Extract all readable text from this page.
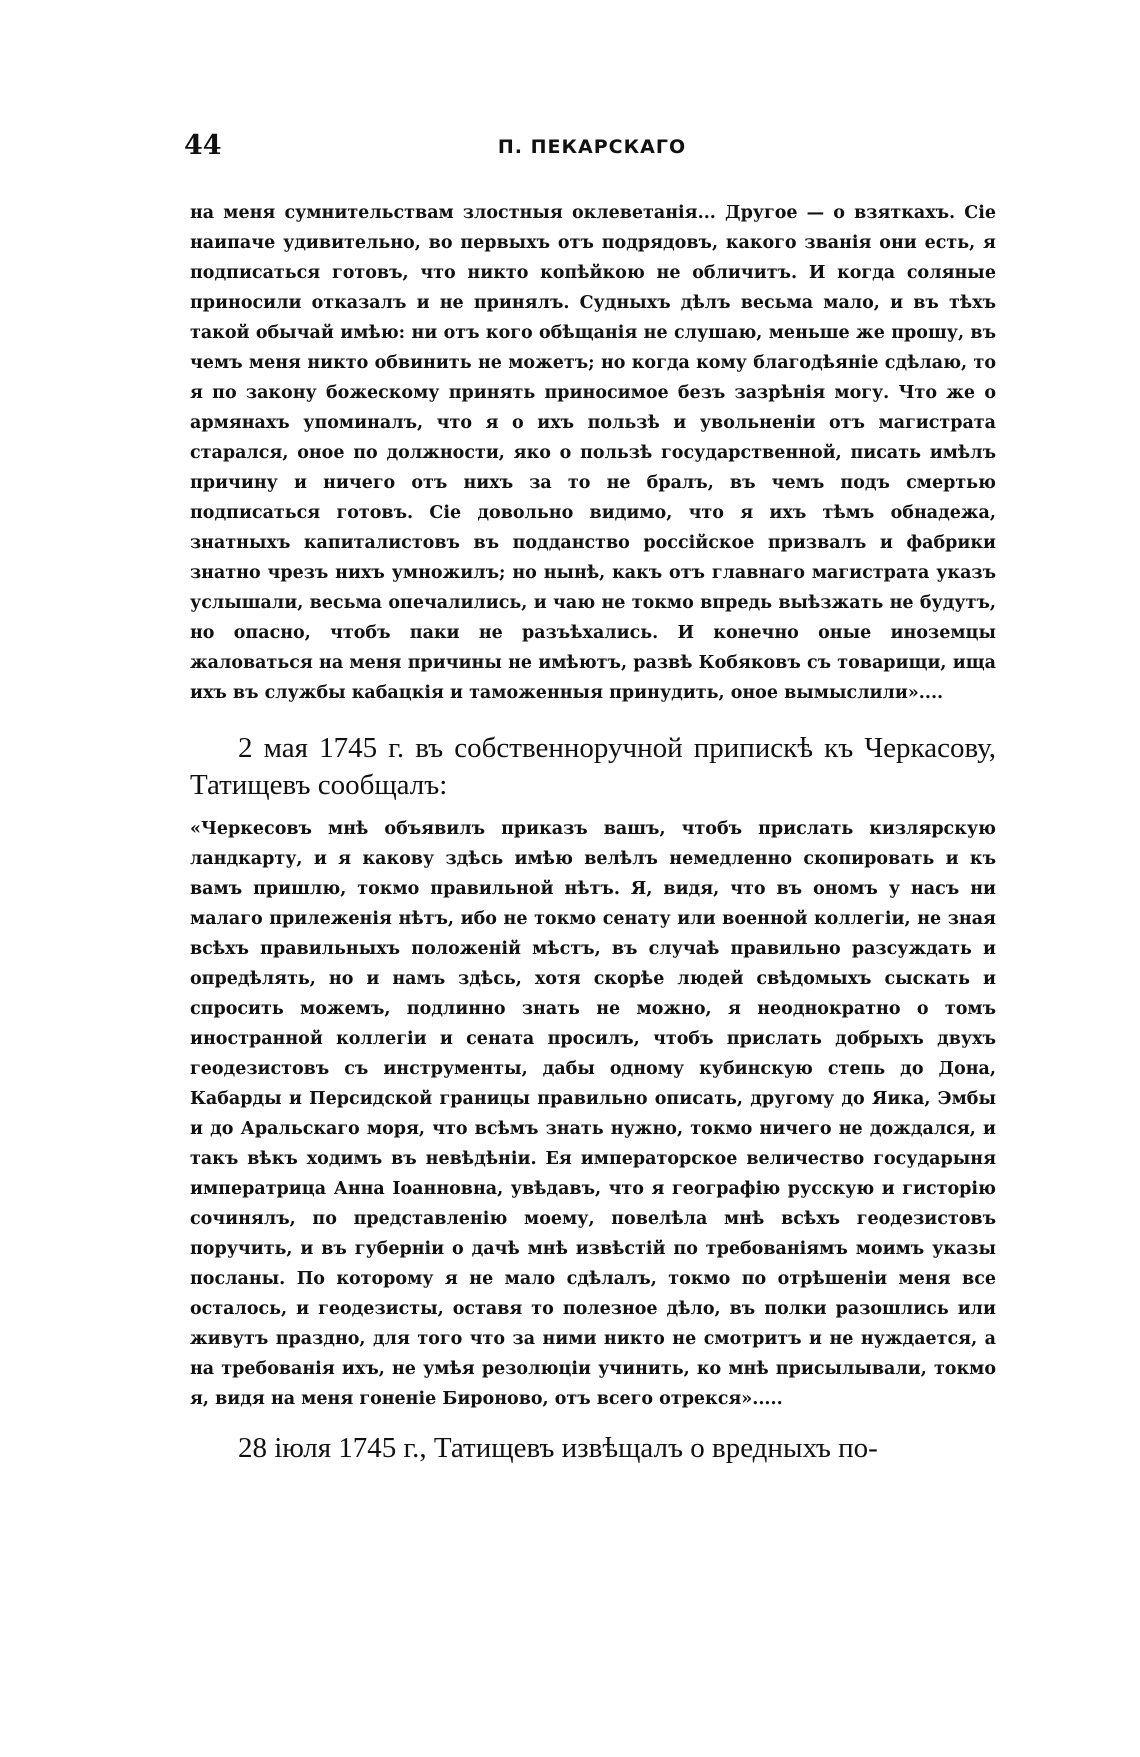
44	П. ПЕКАРСКАГО

на меня сумнительствам злостныя оклеветанія... Другое — о взяткахъ. Сіе наипаче удивительно, во первыхъ отъ подрядовъ, какого званія они есть, я подписаться готовъ, что никто копѣйкою не обличитъ. И когда соляные приносили отказалъ и не принялъ. Судныхъ дѣлъ весьма мало, и въ тѣхъ такой обычай имѣю: ни отъ кого обѣщанія не слушаю, меньше же прошу, въ чемъ меня никто обвинить не можетъ; но когда кому благодѣяніе сдѣлаю, то я по закону божескому принять приносимое безъ зазрѣнія могу. Что же о армянахъ упоминалъ, что я о ихъ пользѣ и увольненіи отъ магистрата старался, оное по должности, яко о пользѣ государственной, писать имѣлъ причину и ничего отъ нихъ за то не бралъ, въ чемъ подъ смертью подписаться готовъ. Сіе довольно видимо, что я ихъ тѣмъ обнадежа, знатныхъ капиталистовъ въ подданство россійское призвалъ и фабрики знатно чрезъ нихъ умножилъ; но нынѣ, какъ отъ главнаго магистрата указъ услышали, весьма опечалились, и чаю не токмо впредь выѣзжать не будутъ, но опасно, чтобъ паки не разъѣхались. И конечно оные иноземцы жаловаться на меня причины не имѣютъ, развѣ Кобяковъ съ товарищи, ища ихъ въ службы кабацкія и таможенныя принудить, оное вымыслили»....

2 мая 1745 г. въ собственноручной припискѣ къ Черкасову, Татищевъ сообщалъ:

«Черкесовъ мнѣ объявилъ приказъ вашъ, чтобъ прислать кизлярскую ландкарту, и я какову здѣсь имѣю велѣлъ немедленно скопировать и къ вамъ пришлю, токмо правильной нѣтъ. Я, видя, что въ ономъ у насъ ни малаго прилеженія нѣтъ, ибо не токмо сенату или военной коллегіи, не зная всѣхъ правильныхъ положеній мѣстъ, въ случаѣ правильно разсуждать и опредѣлять, но и намъ здѣсь, хотя скорѣе людей свѣдомыхъ сыскать и спросить можемъ, подлинно знать не можно, я неоднократно о томъ иностранной коллегіи и сената просилъ, чтобъ прислать добрыхъ двухъ геодезистовъ съ инструменты, дабы одному кубинскую степь до Дона, Кабарды и Персидской границы правильно описать, другому до Яика, Эмбы и до Аральскаго моря, что всѣмъ знать нужно, токмо ничего не дождался, и такъ вѣкъ ходимъ въ невѣдѣніи. Ея императорское величество государыня императрица Анна Іоанновна, увѣдавъ, что я географію русскую и гисторію сочинялъ, по представленію моему, повелѣла мнѣ всѣхъ геодезистовъ поручить, и въ губерніи о дачѣ мнѣ извѣстій по требованіямъ моимъ указы посланы. По которому я не мало сдѣлалъ, токмо по отрѣшеніи меня все осталось, и геодезисты, оставя то полезное дѣло, въ полки разошлись или живутъ праздно, для того что за ними никто не смотритъ и не нуждается, а на требованія ихъ, не умѣя резолюціи учинить, ко мнѣ присылывали, токмо я, видя на меня гоненіе Бироново, отъ всего отрекся».....

28 іюля 1745 г., Татищевъ извѣщалъ о вредныхъ по-
